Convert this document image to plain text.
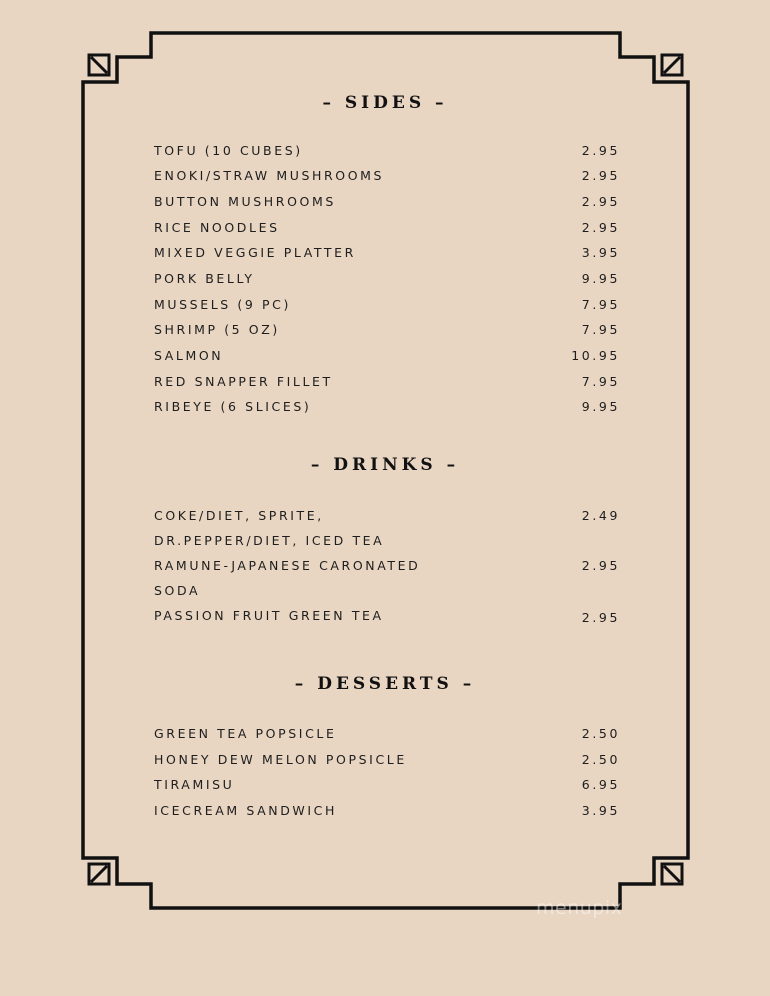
– SIDES –
TOFU (10 CUBES)	2.95
ENOKI/STRAW MUSHROOMS	2.95
BUTTON MUSHROOMS	2.95
RICE NOODLES	2.95
MIXED VEGGIE PLATTER	3.95
PORK BELLY	9.95
MUSSELS (9 PC)	7.95
SHRIMP (5 OZ)	7.95
SALMON	10.95
RED SNAPPER FILLET	7.95
RIBEYE (6 SLICES)	9.95
– DRINKS –
COKE/DIET, SPRITE,
DR.PEPPER/DIET, ICED TEA
2.49
RAMUNE-JAPANESE CARONATED
SODA
2.95
PASSION FRUIT GREEN TEA	2.95
– DESSERTS –
GREEN TEA POPSICLE	2.50
HONEY DEW MELON POPSICLE	2.50
TIRAMISU	6.95
ICECREAM SANDWICH	3.95
menupix
